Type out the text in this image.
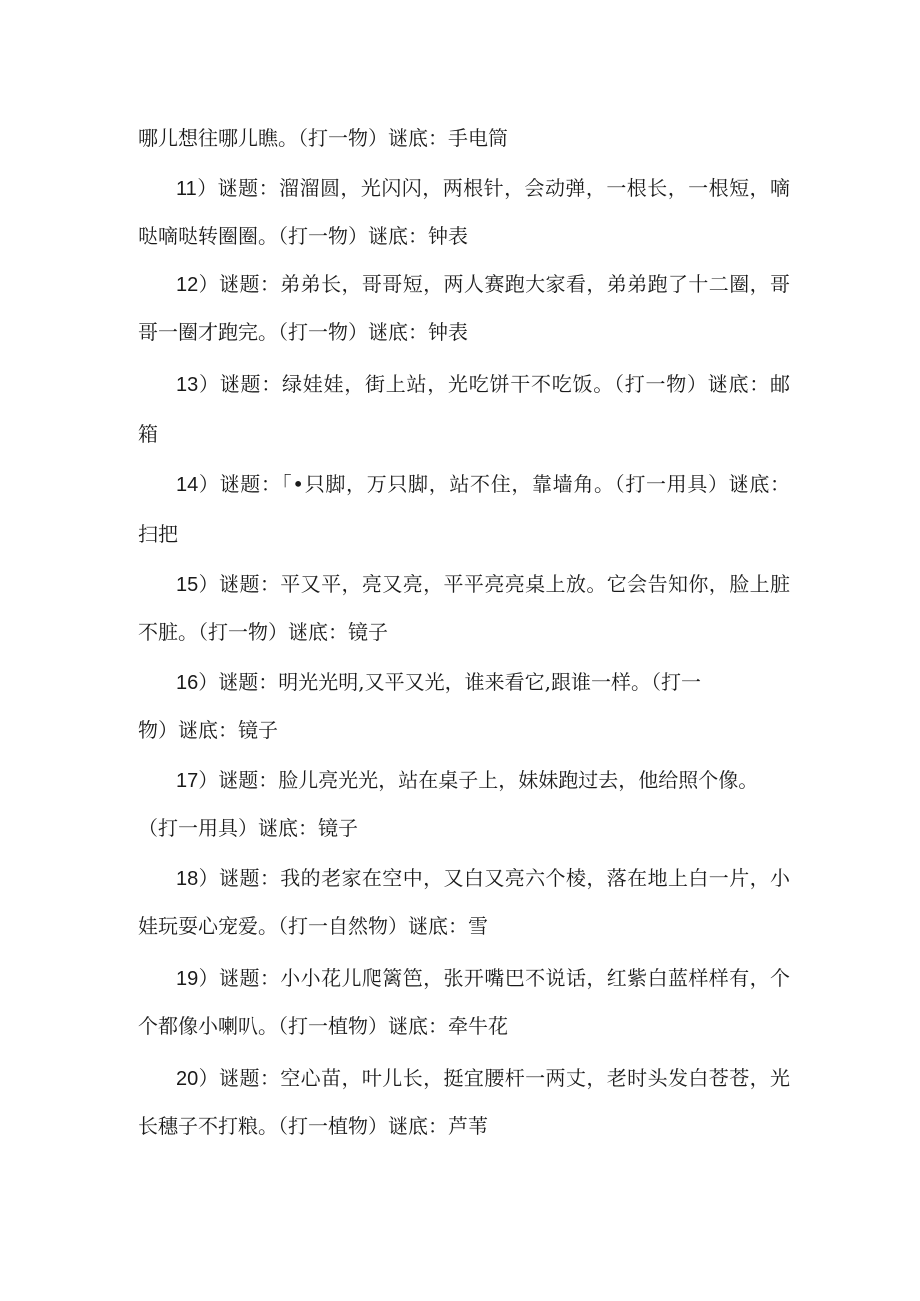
哪儿想往哪儿瞧。（打一物）谜底：手电筒
11）谜题：溜溜圆，光闪闪，两根针，会动弹，一根长，一根短，嘀
哒嘀哒转圈圈。（打一物）谜底：钟表
12）谜题：弟弟长，哥哥短，两人赛跑大家看，弟弟跑了十二圈，哥
哥一圈才跑完。（打一物）谜底：钟表
13）谜题：绿娃娃，街上站，光吃饼干不吃饭。（打一物）谜底：邮
箱
14）谜题：「•只脚，万只脚，站不住，靠墙角。（打一用具）谜底：
扫把
15）谜题：平又平，亮又亮，平平亮亮桌上放。它会告知你，脸上脏
不脏。（打一物）谜底：镜子
16）谜题：明光光明,又平又光，谁来看它,跟谁一样。（打一
物）谜底：镜子
17）谜题：脸儿亮光光，站在桌子上，妹妹跑过去，他给照个像。
（打一用具）谜底：镜子
18）谜题：我的老家在空中，又白又亮六个棱，落在地上白一片，小
娃玩耍心宠爱。（打一自然物）谜底：雪
19）谜题：小小花儿爬篱笆，张开嘴巴不说话，红紫白蓝样样有，个
个都像小喇叭。（打一植物）谜底：牵牛花
20）谜题：空心苗，叶儿长，挺宜腰杆一两丈，老时头发白苍苍，光
长穗子不打粮。（打一植物）谜底：芦苇
